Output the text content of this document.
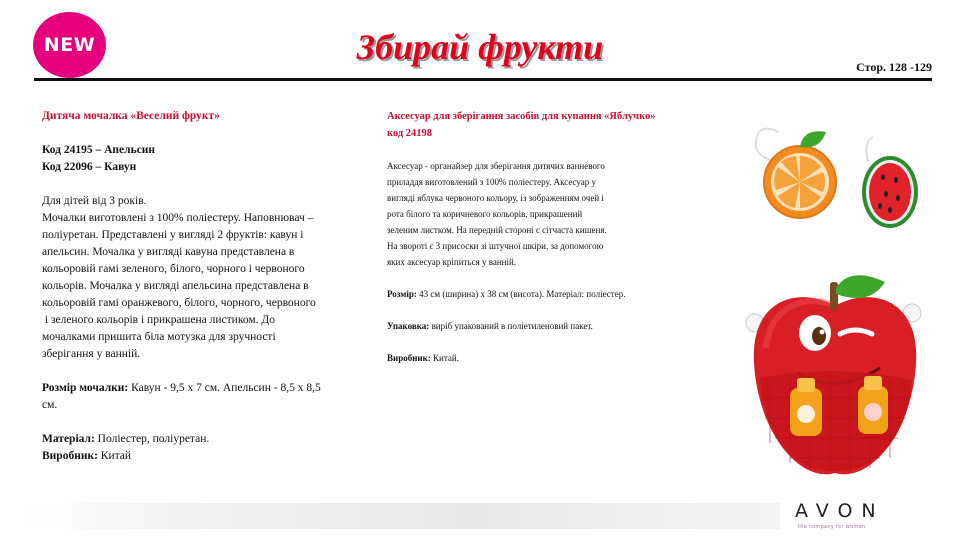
NEW	Збирай фрукти	Стор. 128 -129

Дитяча мочалка «Веселий фрукт»

Код 24195 – Апельсин

Код 22096 – Кавун

Для дітей від 3 років.

Мочалки виготовлені з 100% поліестеру. Наповнювач –

поліуретан. Представлені у вигляді 2 фруктів: кавун і

апельсин. Мочалка у вигляді кавуна представлена в

кольоровій гамі зеленого, білого, чорного і червоного

кольорів. Мочалка у вигляді апельсина представлена в

кольоровій гамі оранжевого, білого, чорного, червоного

і зеленого кольорів і прикрашена листиком. До

мочалками пришита біла мотузка для зручності

зберігання у ванній.

Розмір мочалки: Кавун - 9,5 х 7 см. Апельсин - 8,5 х 8,5

см.

Матеріал: Поліестер, поліуретан.

Виробник: Китай

Аксесуар для зберігання засобів для купання «Яблучко»

код 24198

Аксесуар - органайзер для зберігання дитячих ванневого

приладдя виготовлений з 100% поліестеру. Аксесуар у

вигляді яблука червоного кольору, із зображенням очей і

рота білого та коричневого кольорів, прикрашений

зеленим листком. На передній стороні є сітчаста кишеня.

На звороті є 3 присоски зі штучної шкіри, за допомогою

яких аксесуар кріпиться у ванній.

Розмір: 43 см (ширина) х 38 см (висота). Матеріал: поліестер.

Упаковка: виріб упакований в поліетиленовий пакет.

Виробник: Китай.

AVON
the company for women
